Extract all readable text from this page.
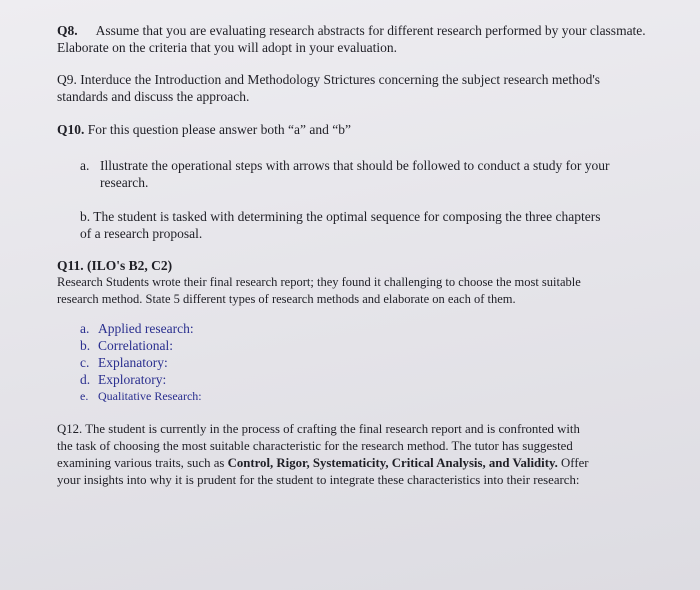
Q8. Assume that you are evaluating research abstracts for different research performed by your classmate.
Elaborate on the criteria that you will adopt in your evaluation.
Q9. Interduce the Introduction and Methodology Strictures concerning the subject research method's
standards and discuss the approach.
Q10. For this question please answer both “a” and “b”
a. Illustrate the operational steps with arrows that should be followed to conduct a study for your
research.
b. The student is tasked with determining the optimal sequence for composing the three chapters
of a research proposal.
Q11. (ILO's B2, C2)
Research Students wrote their final research report; they found it challenging to choose the most suitable
research method. State 5 different types of research methods and elaborate on each of them.
a. Applied research:
b. Correlational:
c. Explanatory:
d. Exploratory:
e. Qualitative Research:
Q12. The student is currently in the process of crafting the final research report and is confronted with
the task of choosing the most suitable characteristic for the research method. The tutor has suggested
examining various traits, such as Control, Rigor, Systematicity, Critical Analysis, and Validity. Offer
your insights into why it is prudent for the student to integrate these characteristics into their research:
